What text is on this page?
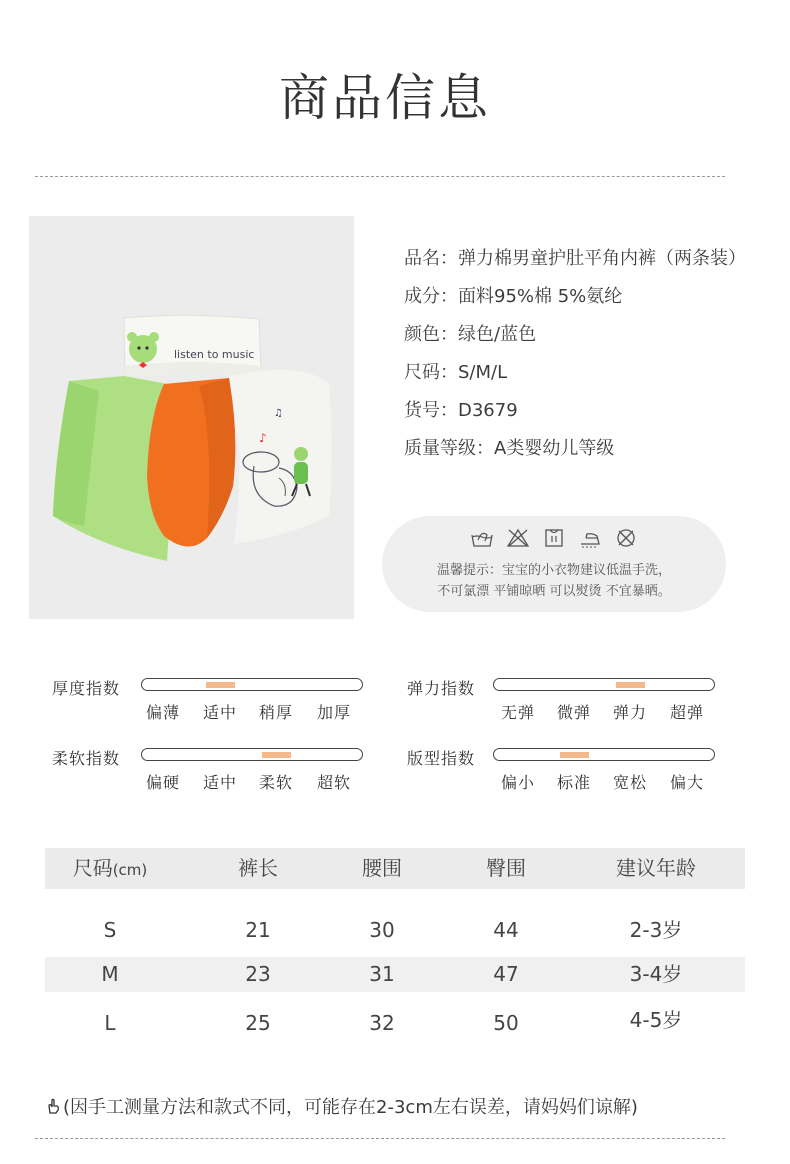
商品信息
listen to music
♪
♫
品名：弹力棉男童护肚平角内裤（两条装）
成分：面料95%棉 5%氨纶
颜色：绿色/蓝色
尺码：S/M/L
货号：D3679
质量等级：A类婴幼儿等级
温馨提示：宝宝的小衣物建议低温手洗，
不可氯漂 平铺晾晒 可以熨烫 不宜暴晒。
厚度指数
偏薄 适中 稍厚 加厚
弹力指数
无弹 微弹 弹力 超弹
柔软指数
偏硬 适中 柔软 超软
版型指数
偏小 标准 宽松 偏大
尺码(cm)	裤长	腰围	臀围	建议年龄
S	21	30	44	2-3岁
M	23	31	47	3-4岁
L	25	32	50	4-5岁
(因手工测量方法和款式不同，可能存在2-3cm左右误差，请妈妈们谅解)
